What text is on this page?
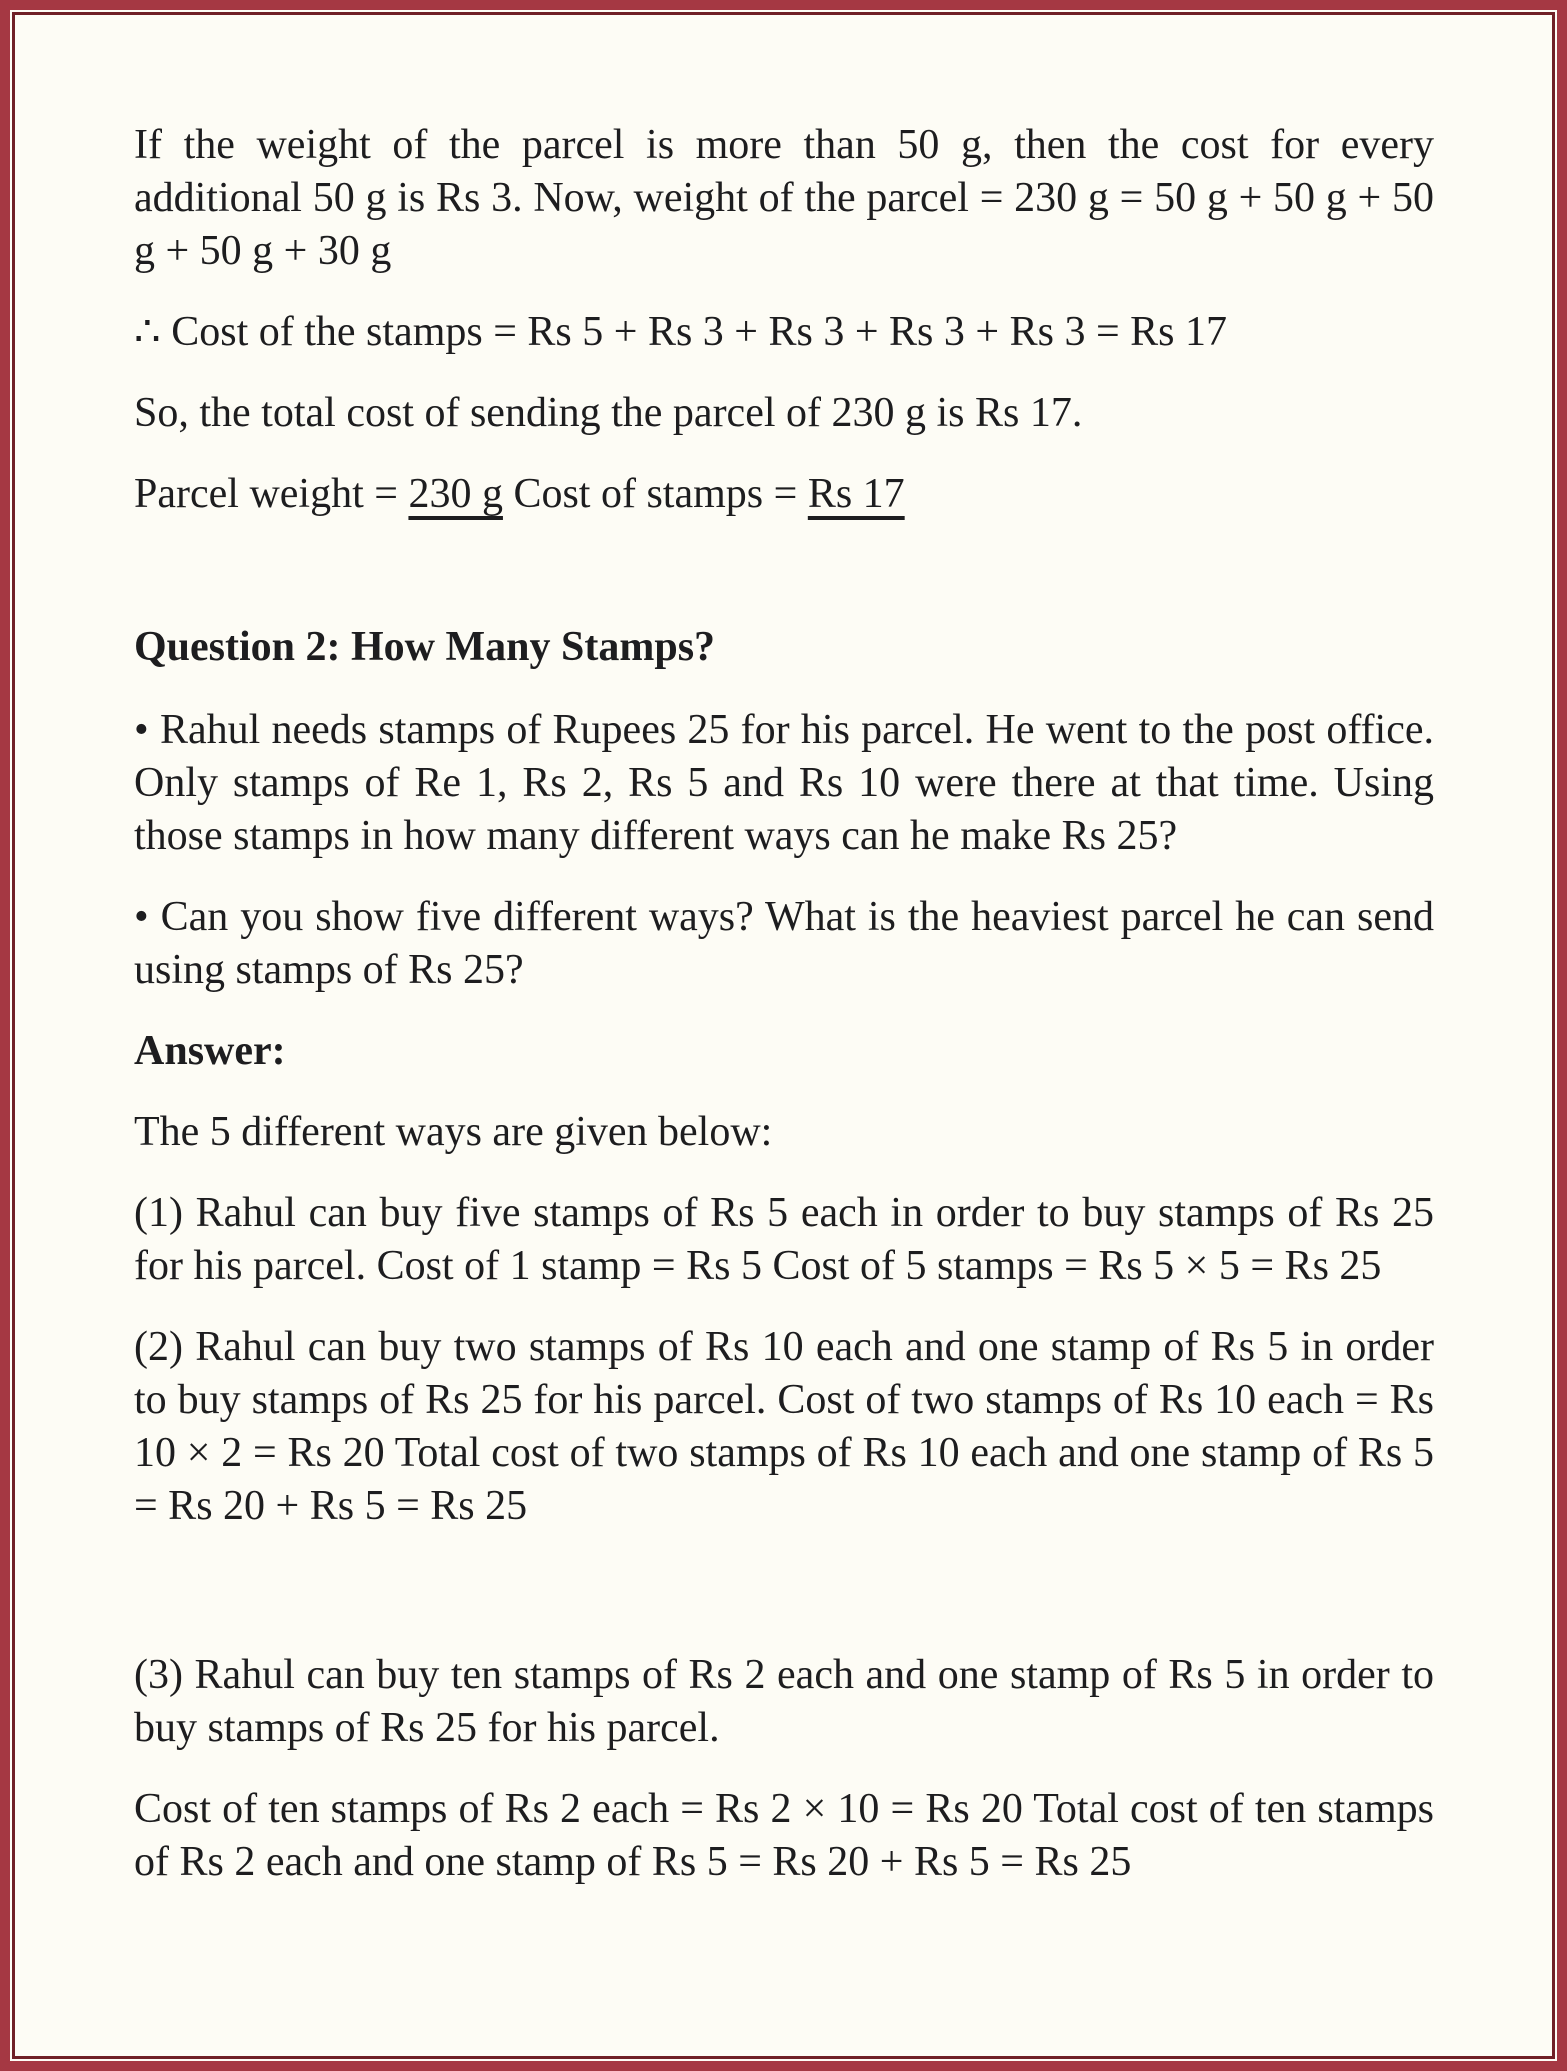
If the weight of the parcel is more than 50 g, then the cost for every additional 50 g is Rs 3. Now, weight of the parcel = 230 g = 50 g + 50 g + 50 g + 50 g + 30 g

∴ Cost of the stamps = Rs 5 + Rs 3 + Rs 3 + Rs 3 + Rs 3 = Rs 17

So, the total cost of sending the parcel of 230 g is Rs 17.

Parcel weight = 230 g Cost of stamps = Rs 17

Question 2: How Many Stamps?

• Rahul needs stamps of Rupees 25 for his parcel. He went to the post office. Only stamps of Re 1, Rs 2, Rs 5 and Rs 10 were there at that time. Using those stamps in how many different ways can he make Rs 25?

• Can you show five different ways? What is the heaviest parcel he can send using stamps of Rs 25?

Answer:

The 5 different ways are given below:

(1) Rahul can buy five stamps of Rs 5 each in order to buy stamps of Rs 25 for his parcel. Cost of 1 stamp = Rs 5 Cost of 5 stamps = Rs 5 × 5 = Rs 25

(2) Rahul can buy two stamps of Rs 10 each and one stamp of Rs 5 in order to buy stamps of Rs 25 for his parcel. Cost of two stamps of Rs 10 each = Rs 10 × 2 = Rs 20 Total cost of two stamps of Rs 10 each and one stamp of Rs 5 = Rs 20 + Rs 5 = Rs 25

(3) Rahul can buy ten stamps of Rs 2 each and one stamp of Rs 5 in order to buy stamps of Rs 25 for his parcel.

Cost of ten stamps of Rs 2 each = Rs 2 × 10 = Rs 20 Total cost of ten stamps of Rs 2 each and one stamp of Rs 5 = Rs 20 + Rs 5 = Rs 25
